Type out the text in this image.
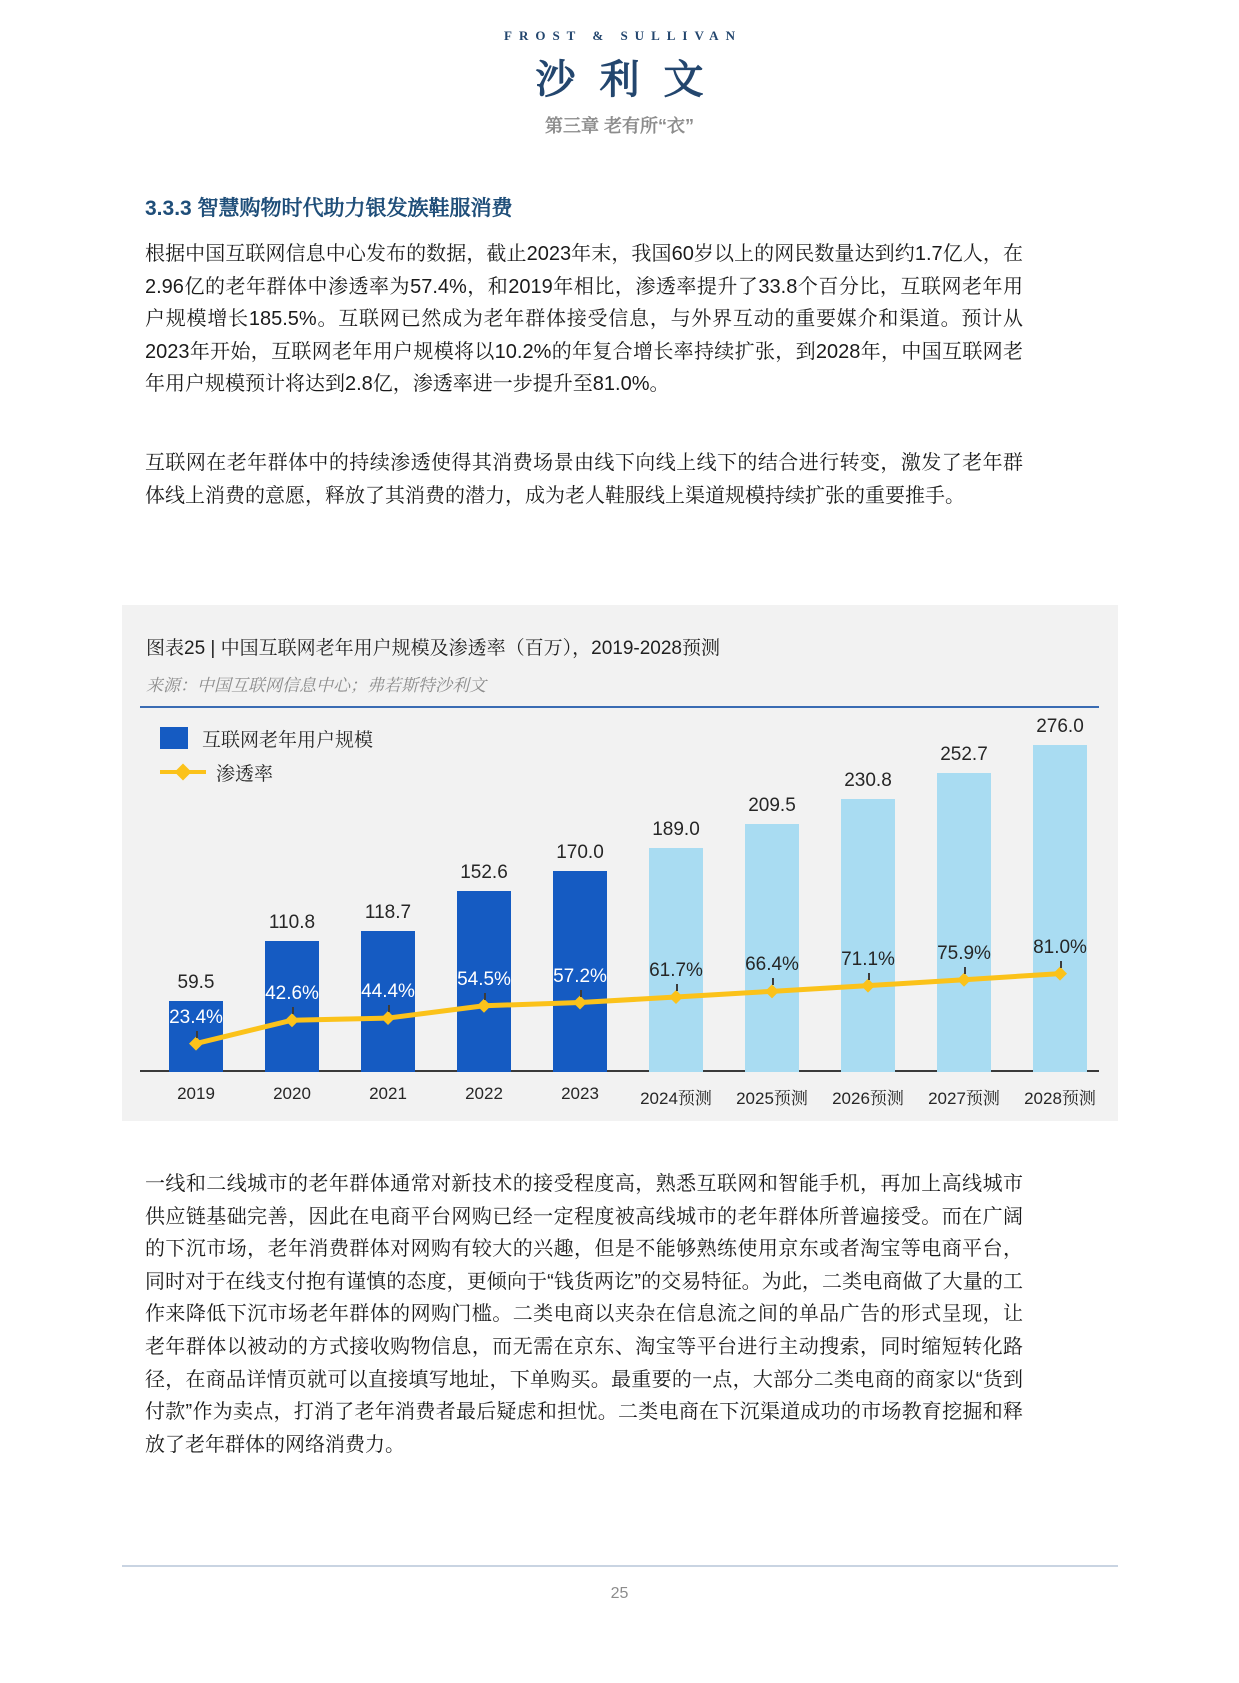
FROST & SULLIVAN
沙利文
第三章 老有所“衣”
3.3.3 智慧购物时代助力银发族鞋服消费
根据中国互联网信息中心发布的数据，截止2023年末，我国60岁以上的网民数量达到约1.7亿人，在2.96亿的老年群体中渗透率为57.4%，和2019年相比，渗透率提升了33.8个百分比，互联网老年用户规模增长185.5%。互联网已然成为老年群体接受信息，与外界互动的重要媒介和渠道。预计从2023年开始，互联网老年用户规模将以10.2%的年复合增长率持续扩张，到2028年，中国互联网老年用户规模预计将达到2.8亿，渗透率进一步提升至81.0%。
互联网在老年群体中的持续渗透使得其消费场景由线下向线上线下的结合进行转变，激发了老年群体线上消费的意愿，释放了其消费的潜力，成为老人鞋服线上渠道规模持续扩张的重要推手。
图表25 | 中国互联网老年用户规模及渗透率（百万），2019-2028预测
来源：中国互联网信息中心；弗若斯特沙利文
互联网老年用户规模
渗透率
59.5
23.4%
2019
110.8
42.6%
2020
118.7
44.4%
2021
152.6
54.5%
2022
170.0
57.2%
2023
189.0
61.7%
2024预测
209.5
66.4%
2025预测
230.8
71.1%
2026预测
252.7
75.9%
2027预测
276.0
81.0%
2028预测
一线和二线城市的老年群体通常对新技术的接受程度高，熟悉互联网和智能手机，再加上高线城市供应链基础完善，因此在电商平台网购已经一定程度被高线城市的老年群体所普遍接受。而在广阔的下沉市场，老年消费群体对网购有较大的兴趣，但是不能够熟练使用京东或者淘宝等电商平台，同时对于在线支付抱有谨慎的态度，更倾向于“钱货两讫”的交易特征。为此，二类电商做了大量的工作来降低下沉市场老年群体的网购门槛。二类电商以夹杂在信息流之间的单品广告的形式呈现，让老年群体以被动的方式接收购物信息，而无需在京东、淘宝等平台进行主动搜索，同时缩短转化路径，在商品详情页就可以直接填写地址，下单购买。最重要的一点，大部分二类电商的商家以“货到付款”作为卖点，打消了老年消费者最后疑虑和担忧。二类电商在下沉渠道成功的市场教育挖掘和释放了老年群体的网络消费力。
25
